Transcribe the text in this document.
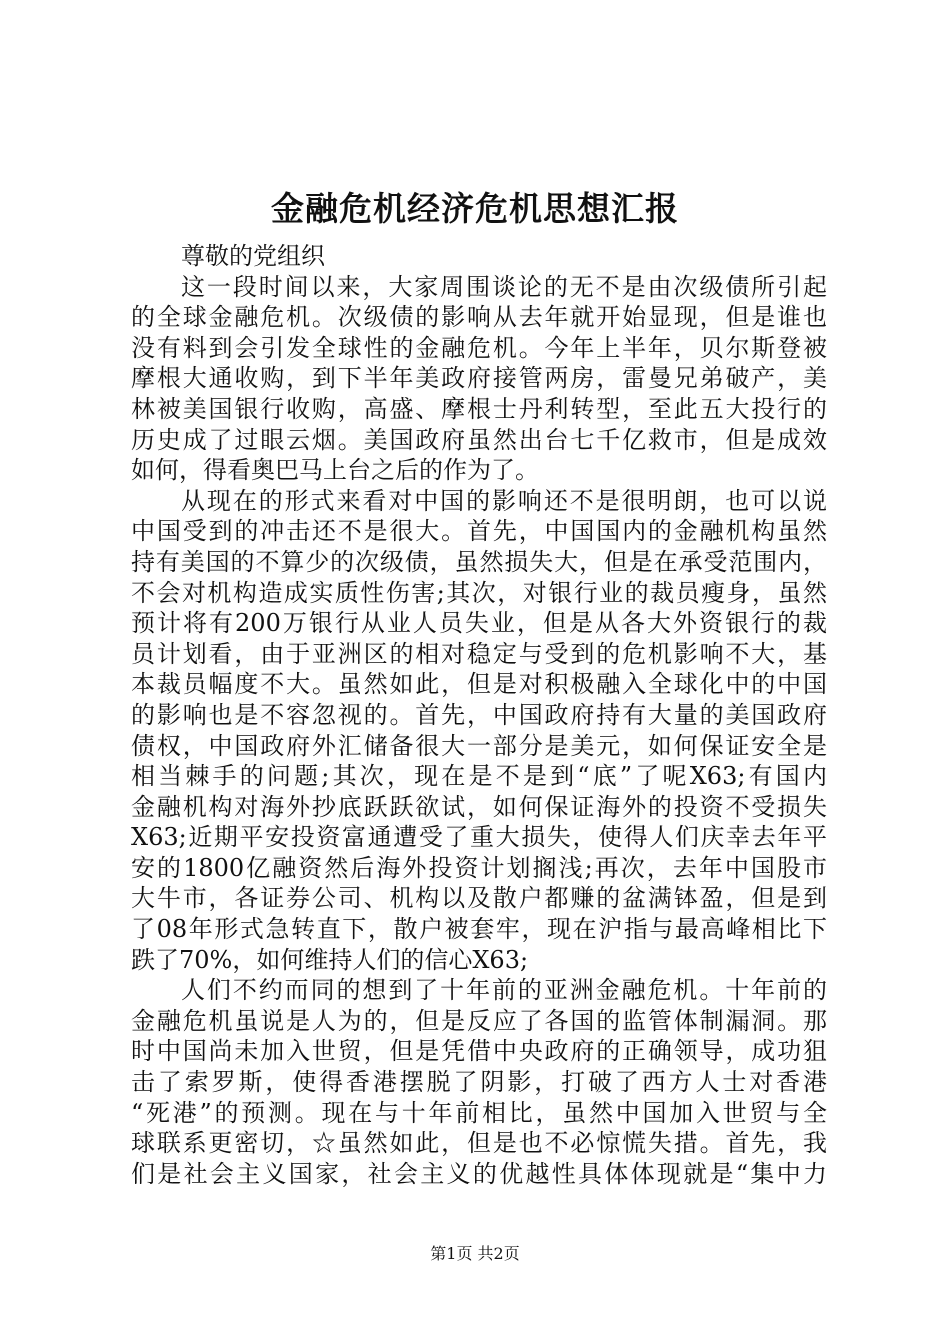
金融危机经济危机思想汇报
尊敬的党组织
这一段时间以来，大家周围谈论的无不是由次级债所引起
的全球金融危机。次级债的影响从去年就开始显现，但是谁也
没有料到会引发全球性的金融危机。今年上半年，贝尔斯登被
摩根大通收购，到下半年美政府接管两房，雷曼兄弟破产，美
林被美国银行收购，高盛、摩根士丹利转型，至此五大投行的
历史成了过眼云烟。美国政府虽然出台七千亿救市，但是成效
如何，得看奥巴马上台之后的作为了。
从现在的形式来看对中国的影响还不是很明朗，也可以说
中国受到的冲击还不是很大。首先，中国国内的金融机构虽然
持有美国的不算少的次级债，虽然损失大，但是在承受范围内，
不会对机构造成实质性伤害;其次，对银行业的裁员瘦身，虽然
预计将有200万银行从业人员失业，但是从各大外资银行的裁
员计划看，由于亚洲区的相对稳定与受到的危机影响不大，基
本裁员幅度不大。虽然如此，但是对积极融入全球化中的中国
的影响也是不容忽视的。首先，中国政府持有大量的美国政府
债权，中国政府外汇储备很大一部分是美元，如何保证安全是
相当棘手的问题;其次，现在是不是到“底”了呢X63;有国内
金融机构对海外抄底跃跃欲试，如何保证海外的投资不受损失
X63;近期平安投资富通遭受了重大损失，使得人们庆幸去年平
安的1800亿融资然后海外投资计划搁浅;再次，去年中国股市
大牛市，各证券公司、机构以及散户都赚的盆满钵盈，但是到
了08年形式急转直下，散户被套牢，现在沪指与最高峰相比下
跌了70%，如何维持人们的信心X63;
人们不约而同的想到了十年前的亚洲金融危机。十年前的
金融危机虽说是人为的，但是反应了各国的监管体制漏洞。那
时中国尚未加入世贸，但是凭借中央政府的正确领导，成功狙
击了索罗斯，使得香港摆脱了阴影，打破了西方人士对香港
“死港”的预测。现在与十年前相比，虽然中国加入世贸与全
球联系更密切，☆虽然如此，但是也不必惊慌失措。首先，我
们是社会主义国家，社会主义的优越性具体体现就是“集中力
第1页 共2页
